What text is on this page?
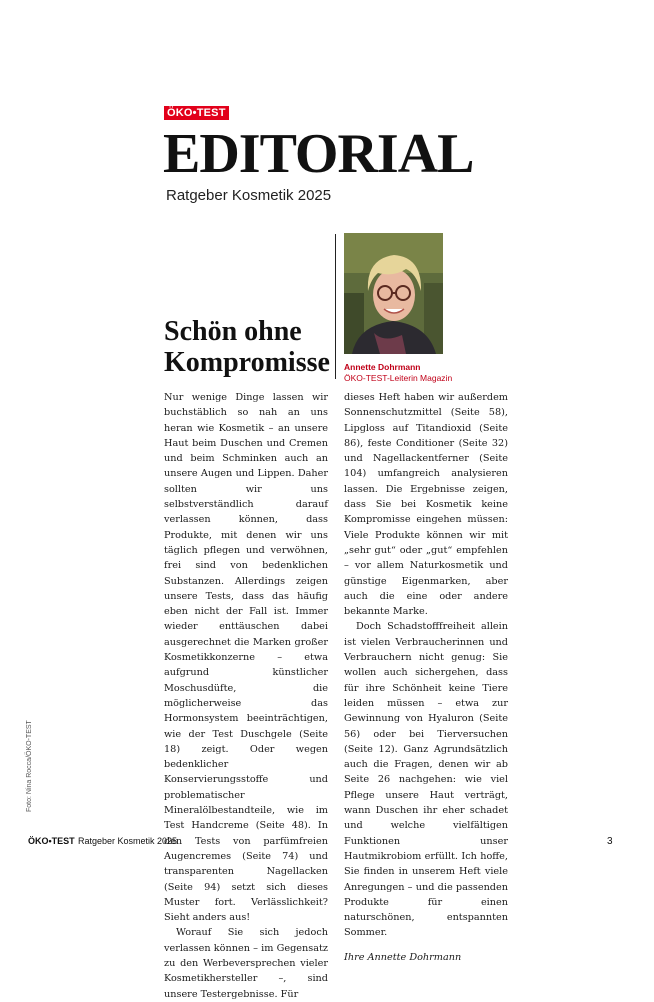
ÖKO•TEST
EDITORIAL
Ratgeber Kosmetik 2025
Annette Dohrmann
ÖKO-TEST-Leiterin Magazin
Schön ohne Kompromisse

Nur wenige Dinge lassen wir buchstäblich so nah an uns heran wie Kosmetik – an unsere Haut beim Duschen und Cremen und beim Schminken auch an unsere Augen und Lippen. Daher sollten wir uns selbstverständlich darauf verlassen können, dass Produkte, mit denen wir uns täglich pflegen und verwöhnen, frei sind von bedenklichen Substanzen. Allerdings zeigen unsere Tests, dass das häufig eben nicht der Fall ist. Immer wieder enttäuschen dabei ausgerechnet die Marken großer Kosmetikkonzerne – etwa aufgrund künstlicher Moschusdüfte, die möglicherweise das Hormonsystem beeinträchtigen, wie der Test Duschgele (Seite 18) zeigt. Oder wegen bedenklicher Konservierungsstoffe und problematischer Mineralölbestandteile, wie im Test Handcreme (Seite 48). In den Tests von parfümfreien Augencremes (Seite 74) und transparenten Nagellacken (Seite 94) setzt sich dieses Muster fort. Verlässlichkeit? Sieht anders aus!

Worauf Sie sich jedoch verlassen können – im Gegensatz zu den Werbeversprechen vieler Kosmetikhersteller –, sind unsere Testergebnisse. Für

dieses Heft haben wir außerdem Sonnenschutzmittel (Seite 58), Lipgloss auf Titandioxid (Seite 86), feste Conditioner (Seite 32) und Nagellackentferner (Seite 104) umfangreich analysieren lassen. Die Ergebnisse zeigen, dass Sie bei Kosmetik keine Kompromisse eingehen müssen: Viele Produkte können wir mit „sehr gut“ oder „gut“ empfehlen – vor allem Naturkosmetik und günstige Eigenmarken, aber auch die eine oder andere bekannte Marke.

Doch Schadstofffreiheit allein ist vielen Verbraucherinnen und Verbrauchern nicht genug: Sie wollen auch sichergehen, dass für ihre Schönheit keine Tiere leiden müssen – etwa zur Gewinnung von Hyaluron (Seite 56) oder bei Tierversuchen (Seite 12). Ganz Agrundsätzlich auch die Fragen, denen wir ab Seite 26 nachgehen: wie viel Pflege unsere Haut verträgt, wann Duschen ihr eher schadet und welche vielfältigen Funktionen unser Hautmikrobiom erfüllt. Ich hoffe, Sie finden in unserem Heft viele Anregungen – und die passenden Produkte für einen naturschönen, entspannten Sommer.

Ihre Annette Dohrmann

Foto: Nina Rocca/ÖKO-TEST
ÖKO•TEST Ratgeber Kosmetik 2025	3
